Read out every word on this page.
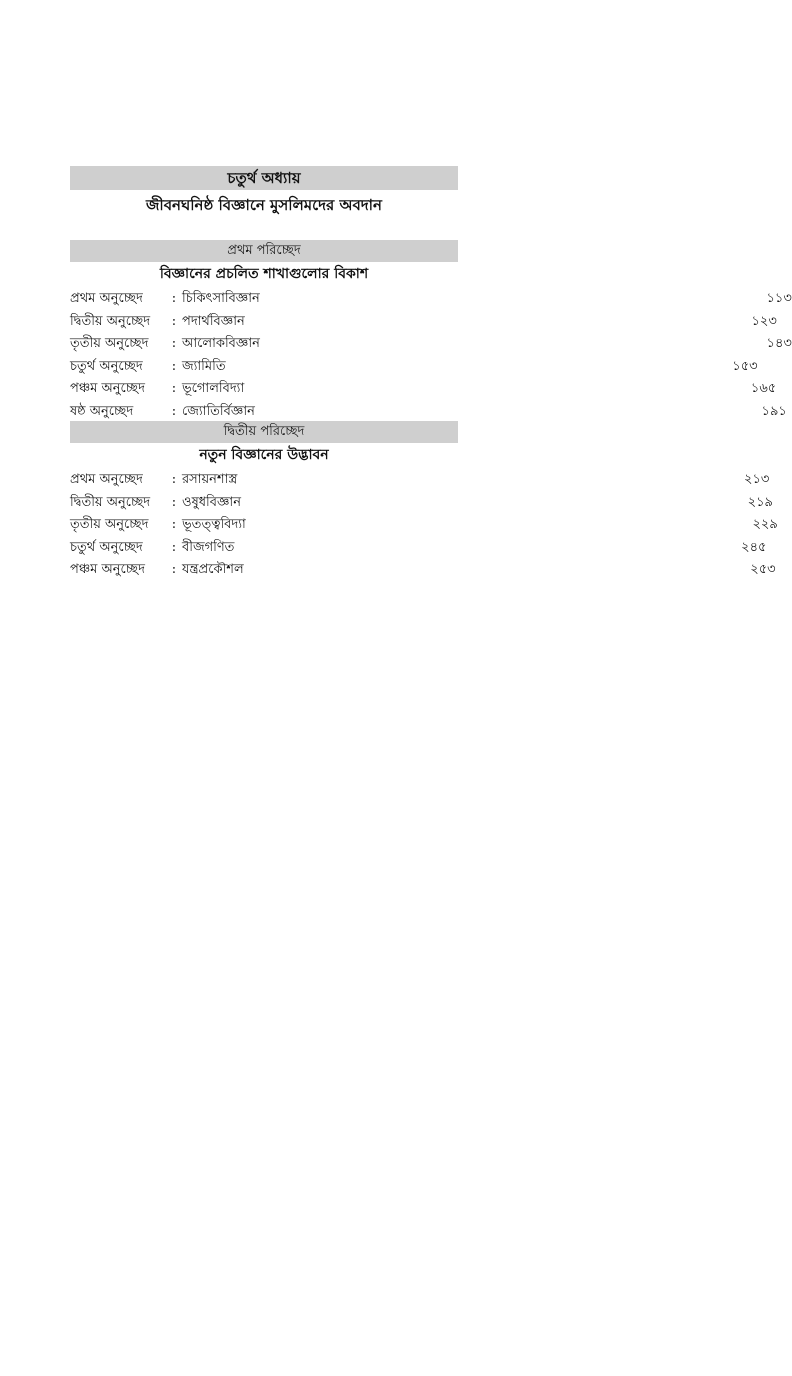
চতুর্থ অধ্যায়
জীবনঘনিষ্ঠ বিজ্ঞানে মুসলিমদের অবদান
প্রথম পরিচ্ছেদ
বিজ্ঞানের প্রচলিত শাখাগুলোর বিকাশ
প্রথম অনুচ্ছেদ	: চিকিৎসাবিজ্ঞান	১১৩
দ্বিতীয় অনুচ্ছেদ	: পদার্থবিজ্ঞান	১২৩
তৃতীয় অনুচ্ছেদ	: আলোকবিজ্ঞান	১৪৩
চতুর্থ অনুচ্ছেদ	: জ্যামিতি	১৫৩
পঞ্চম অনুচ্ছেদ	: ভূগোলবিদ্যা	১৬৫
ষষ্ঠ অনুচ্ছেদ	: জ্যোতির্বিজ্ঞান	১৯১
দ্বিতীয় পরিচ্ছেদ
নতুন বিজ্ঞানের উদ্ভাবন
প্রথম অনুচ্ছেদ	: রসায়নশাস্ত্র	২১৩
দ্বিতীয় অনুচ্ছেদ	: ওষুধবিজ্ঞান	২১৯
তৃতীয় অনুচ্ছেদ	: ভূতত্ত্ববিদ্যা	২২৯
চতুর্থ অনুচ্ছেদ	: বীজগণিত	২৪৫
পঞ্চম অনুচ্ছেদ	: যন্ত্রপ্রকৌশল	২৫৩
